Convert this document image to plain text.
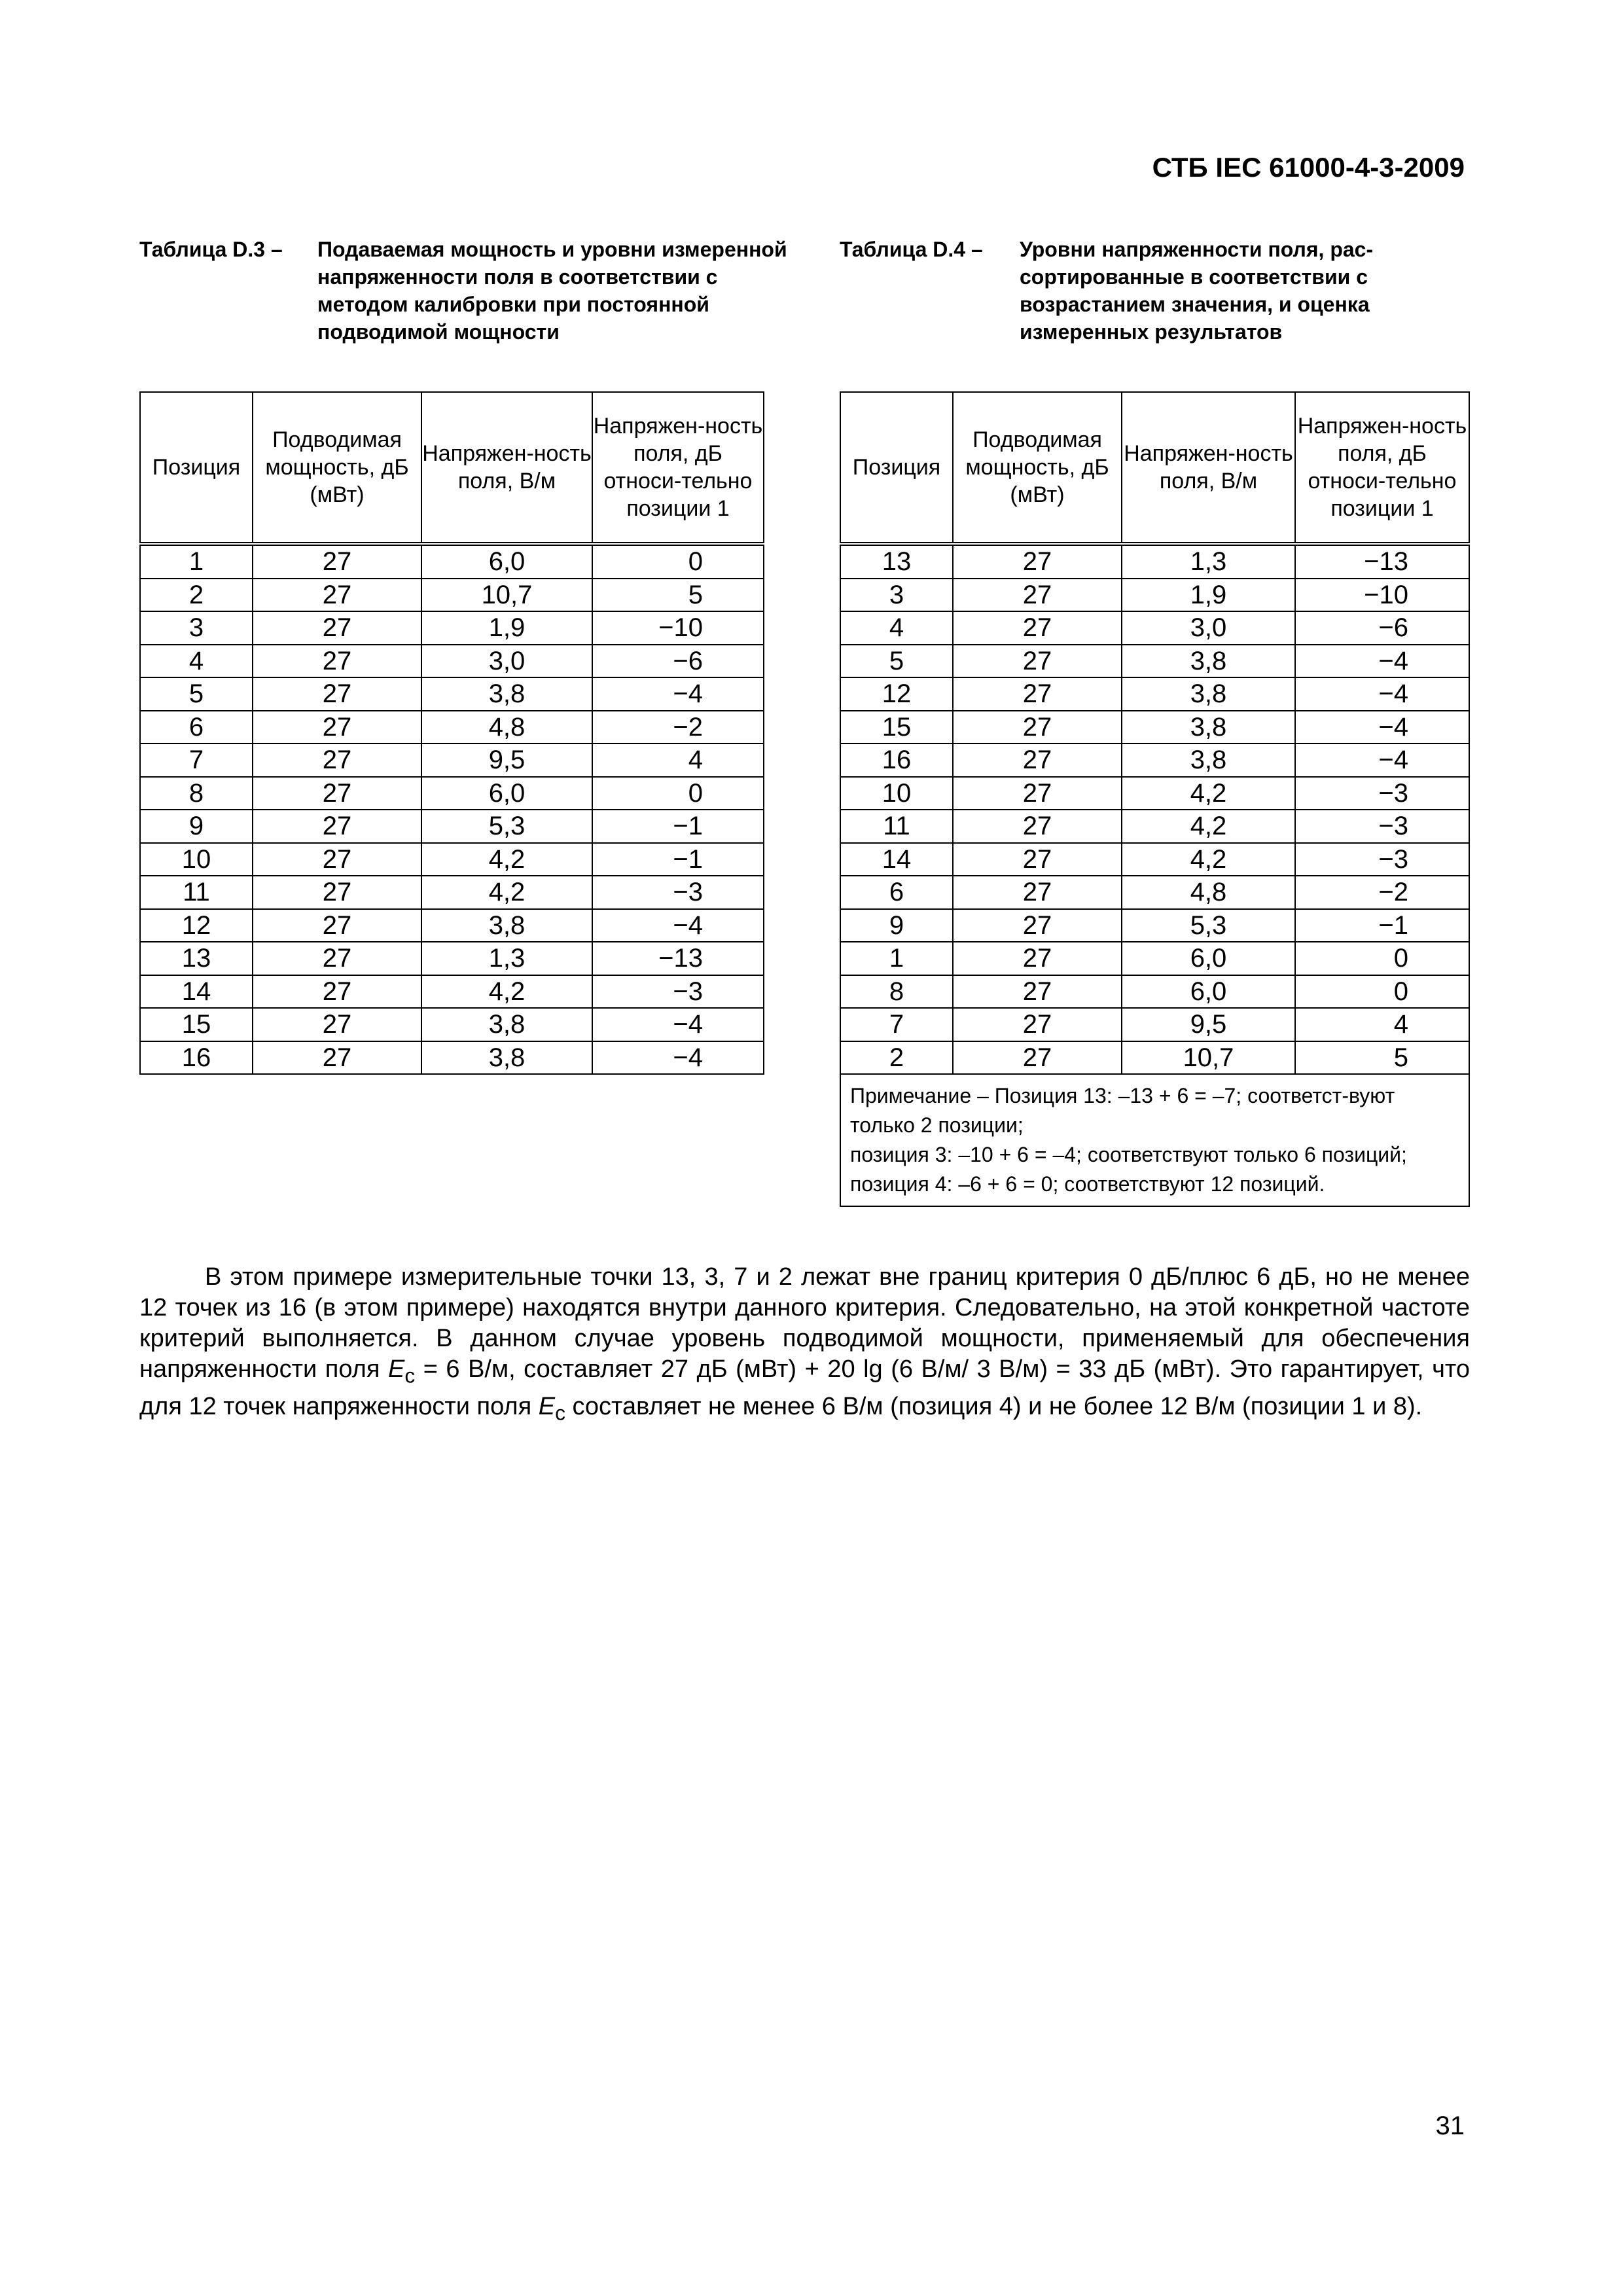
СТБ IEC 61000-4-3-2009
Таблица D.3 – Подаваемая мощность и уровни измеренной напряженности поля в соответствии с методом калибровки при постоянной подводимой мощности
Таблица D.4 – Уровни напряженности поля, рас-сортированные в соответствии с возрастанием значения, и оценка измеренных результатов
Позиция	Подводимая мощность, дБ (мВт)	Напряжен-ность поля, В/м	Напряжен-ность поля, дБ относи-тельно позиции 1
1	27	6,0	0
2	27	10,7	5
3	27	1,9	−10
4	27	3,0	−6
5	27	3,8	−4
6	27	4,8	−2
7	27	9,5	4
8	27	6,0	0
9	27	5,3	−1
10	27	4,2	−1
11	27	4,2	−3
12	27	3,8	−4
13	27	1,3	−13
14	27	4,2	−3
15	27	3,8	−4
16	27	3,8	−4
Позиция	Подводимая мощность, дБ (мВт)	Напряжен-ность поля, В/м	Напряжен-ность поля, дБ относи-тельно позиции 1
13	27	1,3	−13
3	27	1,9	−10
4	27	3,0	−6
5	27	3,8	−4
12	27	3,8	−4
15	27	3,8	−4
16	27	3,8	−4
10	27	4,2	−3
11	27	4,2	−3
14	27	4,2	−3
6	27	4,8	−2
9	27	5,3	−1
1	27	6,0	0
8	27	6,0	0
7	27	9,5	4
2	27	10,7	5

Примечание – Позиция 13: –13 + 6 = –7; соответст-вуют только 2 позиции;
позиция 3: –10 + 6 = –4; соответствуют только 6 позиций;
позиция 4: –6 + 6 = 0; соответствуют 12 позиций.			

В этом примере измерительные точки 13, 3, 7 и 2 лежат вне границ критерия 0 дБ/плюс 6 дБ, но не менее 12 точек из 16 (в этом примере) находятся внутри данного критерия. Следовательно, на этой конкретной частоте критерий выполняется. В данном случае уровень подводимой мощности, применяемый для обеспечения напряженности поля $E_c = 6$ В/м, составляет 27 дБ (мВт) + 20 lg (6 В/м/ 3 В/м) = 33 дБ (мВт). Это гарантирует, что для 12 точек напряженности поля $E_c$ составляет не менее 6 В/м (позиция 4) и не более 12 В/м (позиции 1 и 8).

31
